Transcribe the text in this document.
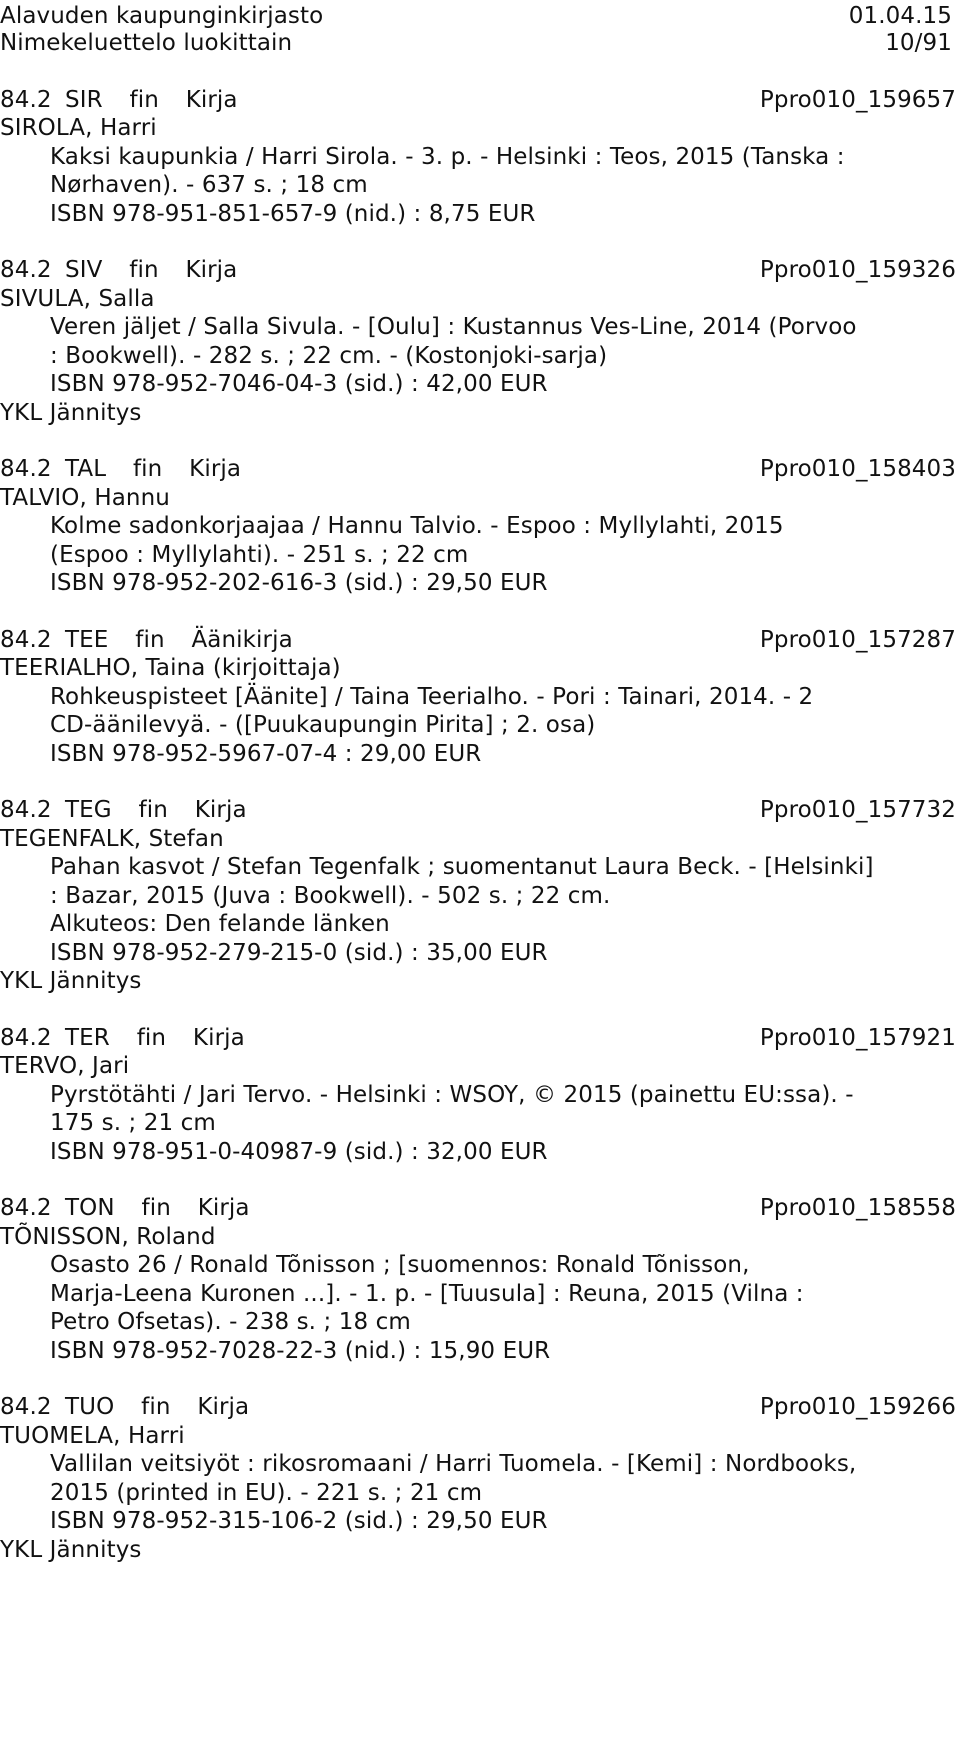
Alavuden kaupunginkirjasto	01.04.15
Nimekeluettelo luokittain	10/91
84.2 SIR  fin  Kirja	Ppro010_159657
SIROLA, Harri
Kaksi kaupunkia / Harri Sirola. - 3. p. - Helsinki : Teos, 2015 (Tanska :
Nørhaven). - 637 s. ; 18 cm
ISBN 978-951-851-657-9 (nid.) : 8,75 EUR
84.2 SIV  fin  Kirja	Ppro010_159326
SIVULA, Salla
Veren jäljet / Salla Sivula. - [Oulu] : Kustannus Ves-Line, 2014 (Porvoo
: Bookwell). - 282 s. ; 22 cm. - (Kostonjoki-sarja)
ISBN 978-952-7046-04-3 (sid.) : 42,00 EUR
YKL Jännitys
84.2 TAL  fin  Kirja	Ppro010_158403
TALVIO, Hannu
Kolme sadonkorjaajaa / Hannu Talvio. - Espoo : Myllylahti, 2015
(Espoo : Myllylahti). - 251 s. ; 22 cm
ISBN 978-952-202-616-3 (sid.) : 29,50 EUR
84.2 TEE  fin  Äänikirja	Ppro010_157287
TEERIALHO, Taina (kirjoittaja)
Rohkeuspisteet [Äänite] / Taina Teerialho. - Pori : Tainari, 2014. - 2
CD-äänilevyä. - ([Puukaupungin Pirita] ; 2. osa)
ISBN 978-952-5967-07-4 : 29,00 EUR
84.2 TEG  fin  Kirja	Ppro010_157732
TEGENFALK, Stefan
Pahan kasvot / Stefan Tegenfalk ; suomentanut Laura Beck. - [Helsinki]
: Bazar, 2015 (Juva : Bookwell). - 502 s. ; 22 cm.
Alkuteos: Den felande länken
ISBN 978-952-279-215-0 (sid.) : 35,00 EUR
YKL Jännitys
84.2 TER  fin  Kirja	Ppro010_157921
TERVO, Jari
Pyrstötähti / Jari Tervo. - Helsinki : WSOY, © 2015 (painettu EU:ssa). -
175 s. ; 21 cm
ISBN 978-951-0-40987-9 (sid.) : 32,00 EUR
84.2 TON  fin  Kirja	Ppro010_158558
TÕNISSON, Roland
Osasto 26 / Ronald Tõnisson ; [suomennos: Ronald Tõnisson,
Marja-Leena Kuronen ...]. - 1. p. - [Tuusula] : Reuna, 2015 (Vilna :
Petro Ofsetas). - 238 s. ; 18 cm
ISBN 978-952-7028-22-3 (nid.) : 15,90 EUR
84.2 TUO  fin  Kirja	Ppro010_159266
TUOMELA, Harri
Vallilan veitsiyöt : rikosromaani / Harri Tuomela. - [Kemi] : Nordbooks,
2015 (printed in EU). - 221 s. ; 21 cm
ISBN 978-952-315-106-2 (sid.) : 29,50 EUR
YKL Jännitys
